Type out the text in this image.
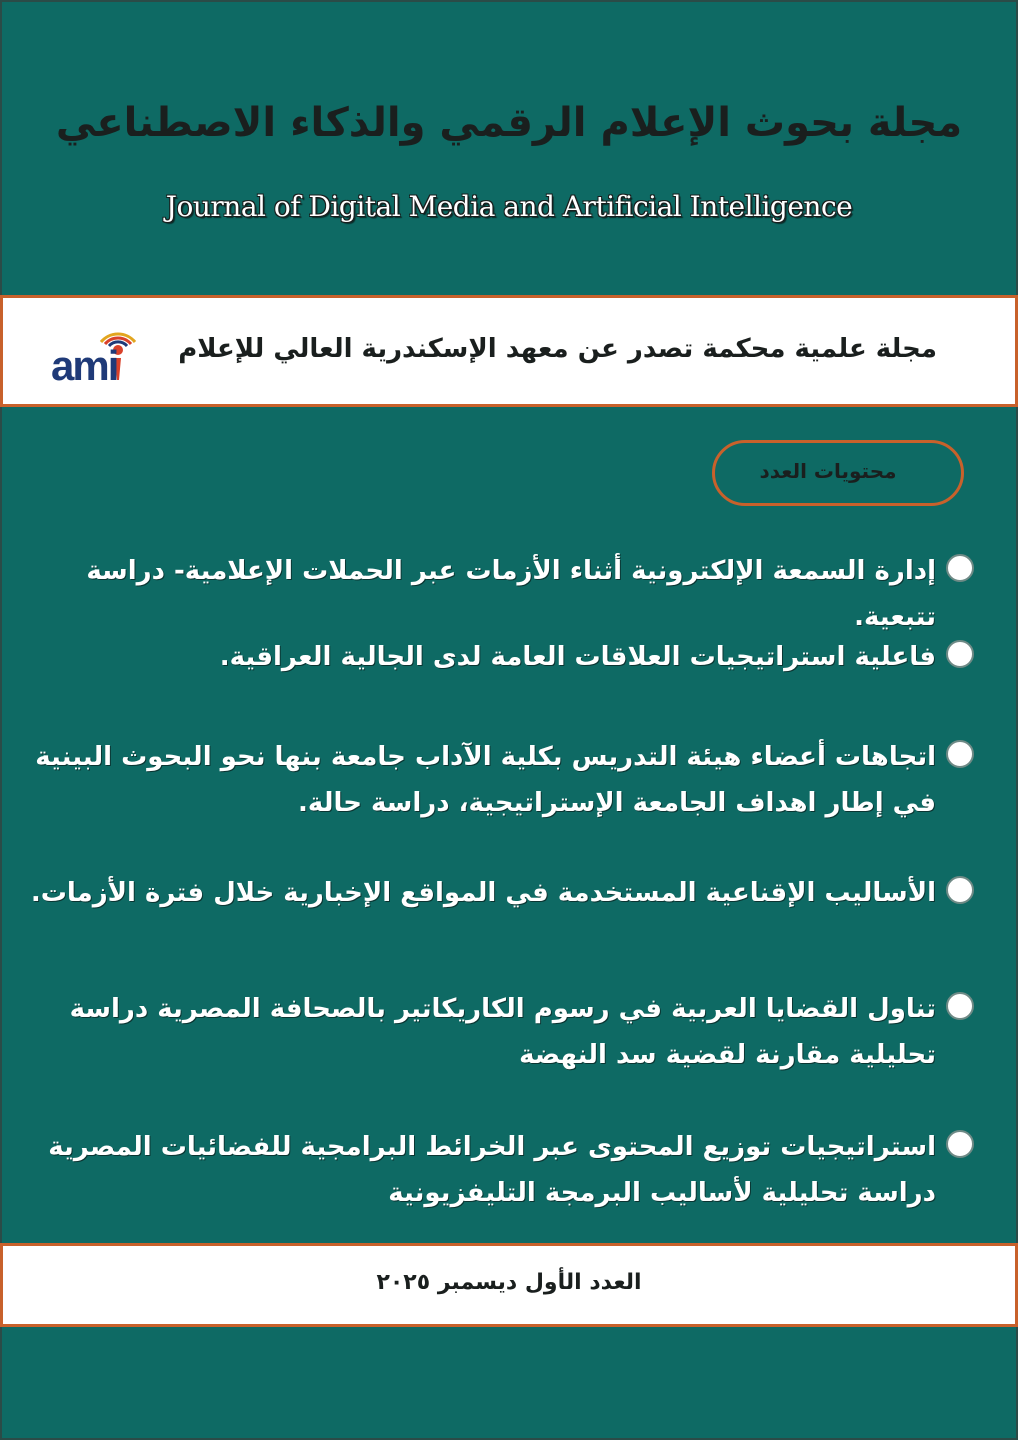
مجلة بحوث الإعلام الرقمي والذكاء الاصطناعي
Journal of Digital Media and Artificial Intelligence
ami مجلة علمية محكمة تصدر عن معهد الإسكندرية العالي للإعلام
محتويات العدد
إدارة السمعة الإلكترونية أثناء الأزمات عبر الحملات الإعلامية- دراسة تتبعية.
فاعلية استراتيجيات العلاقات العامة لدى الجالية العراقية.
اتجاهات أعضاء هيئة التدريس بكلية الآداب جامعة بنها نحو البحوث البينية في إطار اهداف الجامعة الإستراتيجية، دراسة حالة.
الأساليب الإقناعية المستخدمة في المواقع الإخبارية خلال فترة الأزمات.
تناول القضايا العربية في رسوم الكاريكاتير بالصحافة المصرية دراسة تحليلية مقارنة لقضية سد النهضة
استراتيجيات توزيع المحتوى عبر الخرائط البرامجية للفضائيات المصرية دراسة تحليلية لأساليب البرمجة التليفزيونية
العدد الأول ديسمبر ٢٠٢٥
